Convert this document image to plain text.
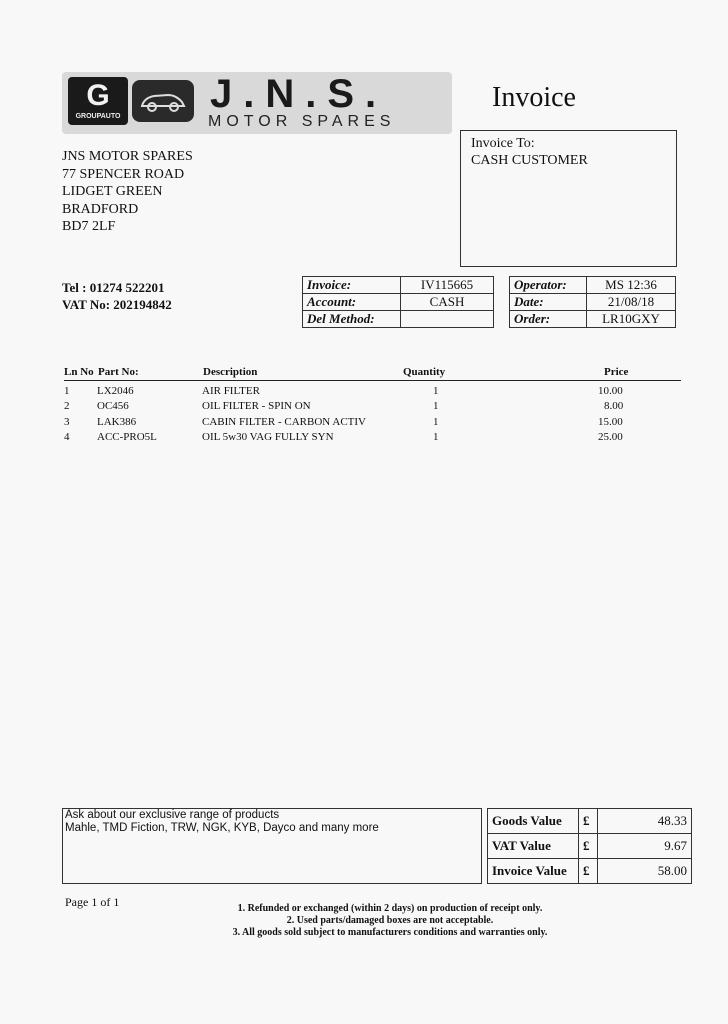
G
GROUPAUTO
J.N.S.
MOTOR SPARES
Invoice
JNS MOTOR SPARES
77 SPENCER ROAD
LIDGET GREEN
BRADFORD
BD7 2LF
Invoice To:
CASH CUSTOMER
Tel : 01274 522201
VAT No: 202194842
Invoice:	IV115665
Account:	CASH
Del Method:	
Operator:	MS 12:36
Date:	21/08/18
Order:	LR10GXY
Ln No Part No:	Description	Quantity	Price
1	LX2046	AIR FILTER	1	10.00
2	OC456	OIL FILTER - SPIN ON	1	8.00
3	LAK386	CABIN FILTER - CARBON ACTIV	1	15.00
4	ACC-PRO5L	OIL 5w30 VAG FULLY SYN	1	25.00
Ask about our exclusive range of products
Mahle, TMD Fiction, TRW, NGK, KYB, Dayco and many more	Goods Value	£	48.33
VAT Value	£	9.67
Invoice Value	£	58.00
Page 1 of 1	1. Refunded or exchanged (within 2 days) on production of receipt only.
2. Used parts/damaged boxes are not acceptable.
3. All goods sold subject to manufacturers conditions and warranties only.
